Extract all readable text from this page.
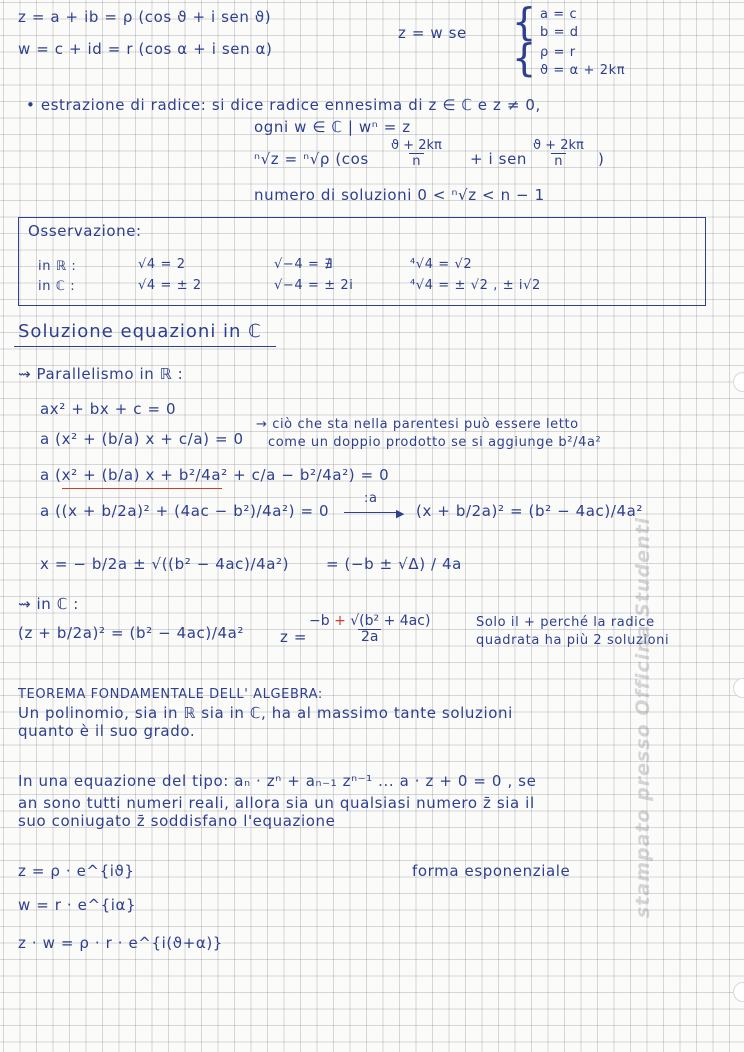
z = a + ib = ρ (cos ϑ + i sen ϑ)
w = c + id = r (cos α + i sen α)
z = w se {
{
a = c
b = d
ρ = r
ϑ = α + 2kπ
• estrazione di radice: si dice radice ennesima di z ∈ ℂ e z ≠ 0,
ogni w ∈ ℂ | wⁿ = z
ⁿ√z = ⁿ√ρ ($\cos \frac{ϑ + 2k\pi}{n} + i$ sen $\frac{ϑ + 2k\pi}{n}$ )
numero di soluzioni 0 < ⁿ√z < n − 1
Osservazione:
in ℝ :	√4 = 2	√−4 = ∄	⁴√4 = √2
in ℂ :	√4 = ± 2	√−4 = ± 2i	⁴√4 = ± √2 , ± i√2
Soluzione equazioni in ℂ
⇝ Parallelismo in ℝ :
ax² + bx + c = 0
a (x² + (b/a) x + c/a) = 0
→ ciò che sta nella parentesi può essere letto
come un doppio prodotto se si aggiunge b²/4a²
a (x² + (b/a) x + b²/4a² + c/a − b²/4a²) = 0
a ((x + b/2a)² + (4ac − b²)/4a²) = 0
:a
▶ (x + b/2a)² = (b² − 4ac)/4a²
x = − b/2a ± √((b² − 4ac)/4a²) = (−b ± √Δ) / 4a
⇝ in ℂ :
(z + b/2a)² = (b² − 4ac)/4a² z =
$\frac{\text{−b + √(b² + 4ac)}}{2a}$	Solo il + perché la radice
quadrata ha più 2 soluzioni
TEOREMA FONDAMENTALE DELL' ALGEBRA:
Un polinomio, sia in ℝ sia in ℂ, ha al massimo tante soluzioni
quanto è il suo grado.
In una equazione del tipo: aₙ · zⁿ + aₙ₋₁ zⁿ⁻¹ ... a · z + 0 = 0 , se
an sono tutti numeri reali, allora sia un qualsiasi numero z̄ sia il
suo coniugato z̄ soddisfano l'equazione
z = ρ · e^{iϑ}
w = r · e^{iα}
z · w = ρ · r · e^{i(ϑ+α)}
forma esponenziale	stampato presso Officina Studenti
